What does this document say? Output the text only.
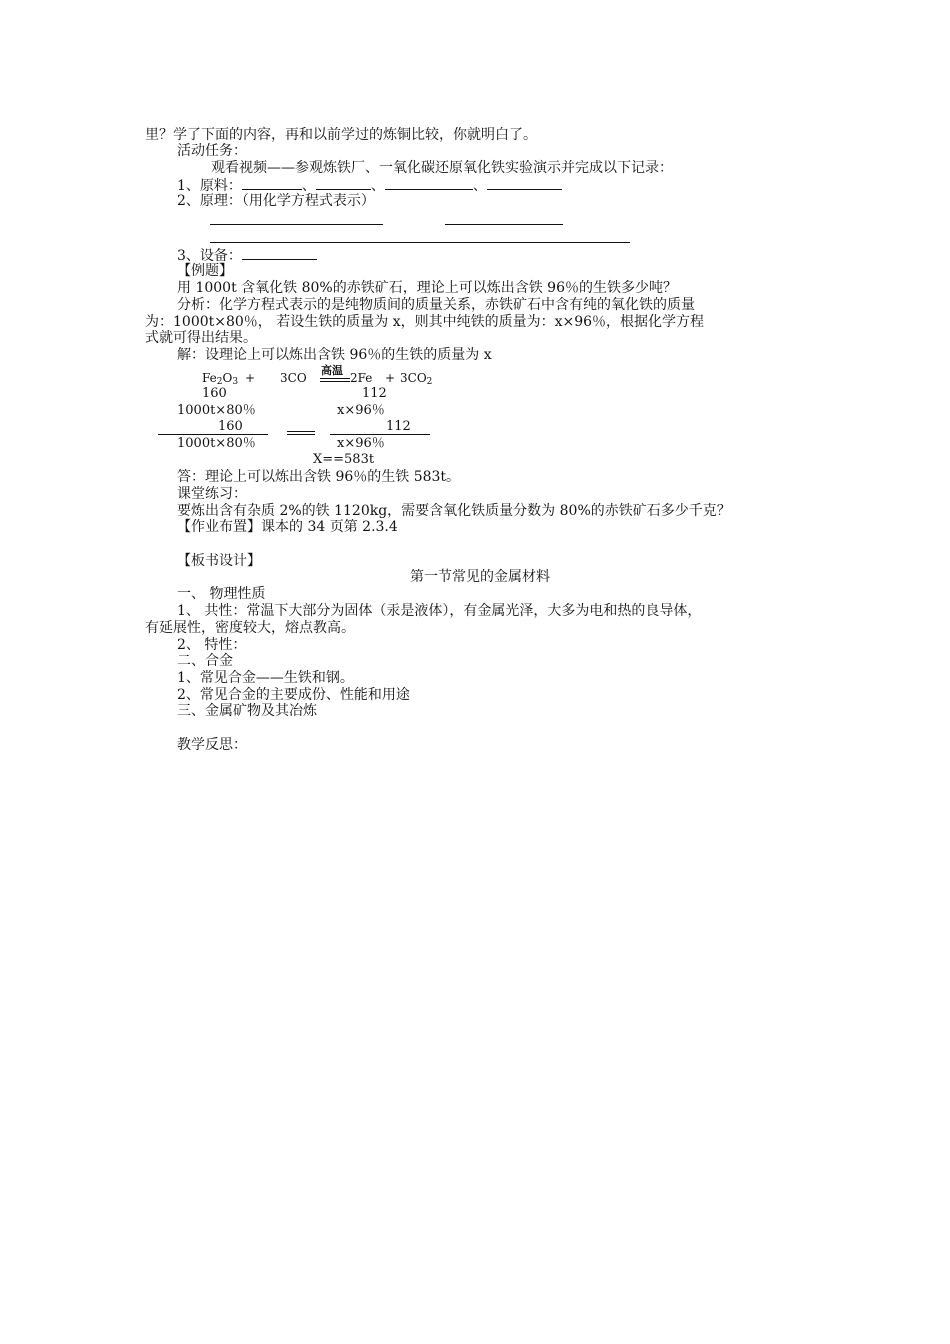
里？学了下面的内容，再和以前学过的炼铜比较，你就明白了。
活动任务：
观看视频——参观炼铁厂、一氧化碳还原氧化铁实验演示并完成以下记录：
1、原料：	、	、	、
2、原理：（用化学方程式表示）
3、设备：
【例题】
用 1000t 含氧化铁 80%的赤铁矿石，理论上可以炼出含铁 96％的生铁多少吨？
分析：化学方程式表示的是纯物质间的质量关系，赤铁矿石中含有纯的氧化铁的质量
为：1000t×80％， 若设生铁的质量为 x，则其中纯铁的质量为：x×96％，根据化学方程
式就可得出结果。
解：设理论上可以炼出含铁 96％的生铁的质量为 x
$Fe_2O_3 + 3CO$
高温
$2Fe + 3CO_2$
160	112
1000t×80％	x×96％
160	112
1000t×80％	x×96％
X==583t
答：理论上可以炼出含铁 96％的生铁 583t。
课堂练习：
要炼出含有杂质 2%的铁 1120kg，需要含氧化铁质量分数为 80%的赤铁矿石多少千克？
【作业布置】课本的 34 页第 2.3.4
【板书设计】
第一节常见的金属材料
一、 物理性质
1、 共性：常温下大部分为固体（汞是液体），有金属光泽，大多为电和热的良导体，
有延展性，密度较大，熔点教高。
2、 特性：
二、合金
1、常见合金——生铁和钢。
2、常见合金的主要成份、性能和用途
三、金属矿物及其冶炼
教学反思：
